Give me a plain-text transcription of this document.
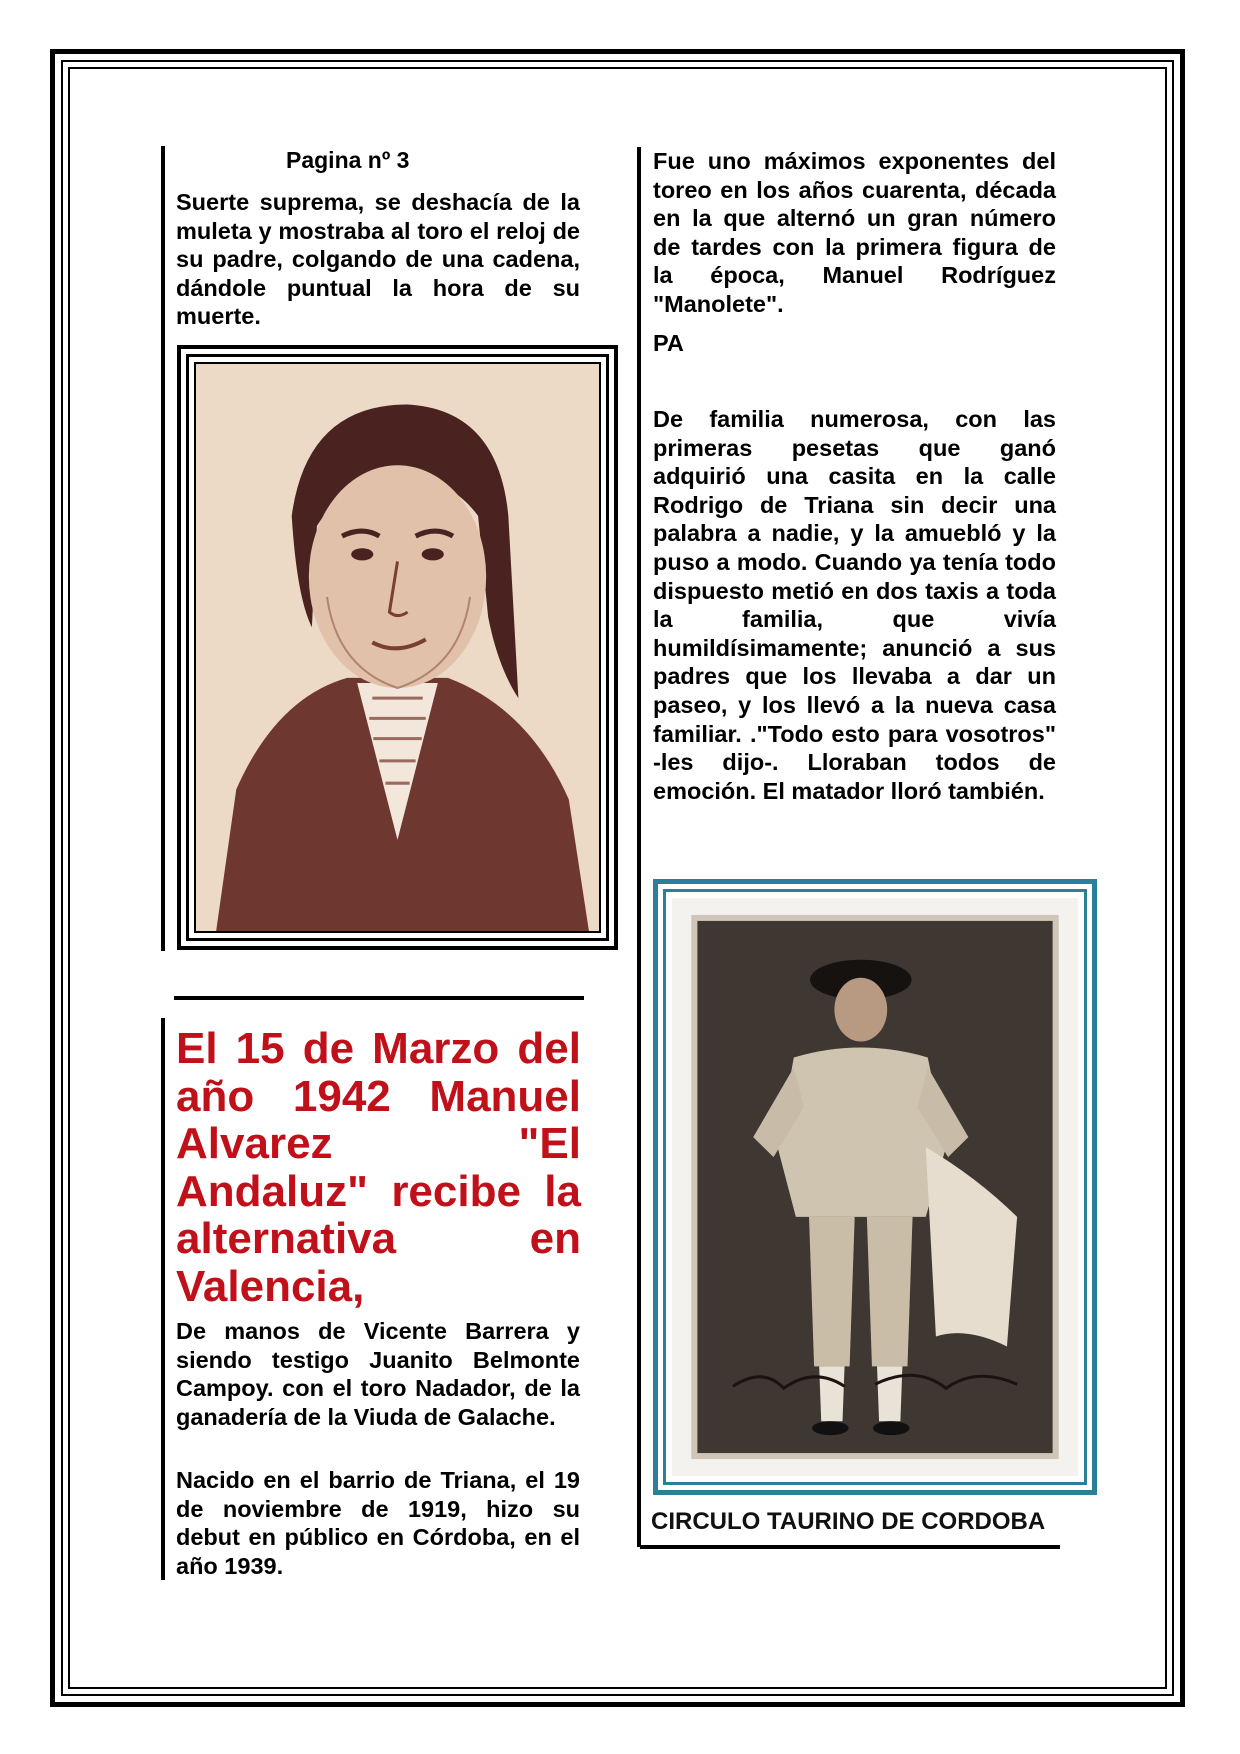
Pagina nº 3

Suerte suprema, se deshacía de la muleta y mostraba al toro el reloj de su padre, colgando de una cadena, dándole puntual la hora de su muerte.

El 15 de Marzo del
año 1942 Manuel
Alvarez "El
Andaluz" recibe la
alternativa en
Valencia,

De manos de Vicente Barrera y siendo testigo Juanito Belmonte Campoy. con el toro Nadador, de la ganadería de la Viuda de Galache.

Nacido en el barrio de Triana, el 19 de noviembre de 1919, hizo su debut en público en Córdoba, en el año 1939.

Fue uno máximos exponentes del toreo en los años cuarenta, década en la que alternó un gran número de tardes con la primera figura de la época, Manuel Rodríguez "Manolete".

PA

De familia numerosa, con las primeras pesetas que ganó adquirió una casita en la calle Rodrigo de Triana sin decir una palabra a nadie, y la amuebló y la puso a modo. Cuando ya tenía todo dispuesto metió en dos taxis a toda la familia, que vivía humildísimamente; anunció a sus padres que los llevaba a dar un paseo, y los llevó a la nueva casa familiar. ."Todo esto para vosotros" -les dijo-. Lloraban todos de emoción. El matador lloró también.

CIRCULO TAURINO DE CORDOBA
